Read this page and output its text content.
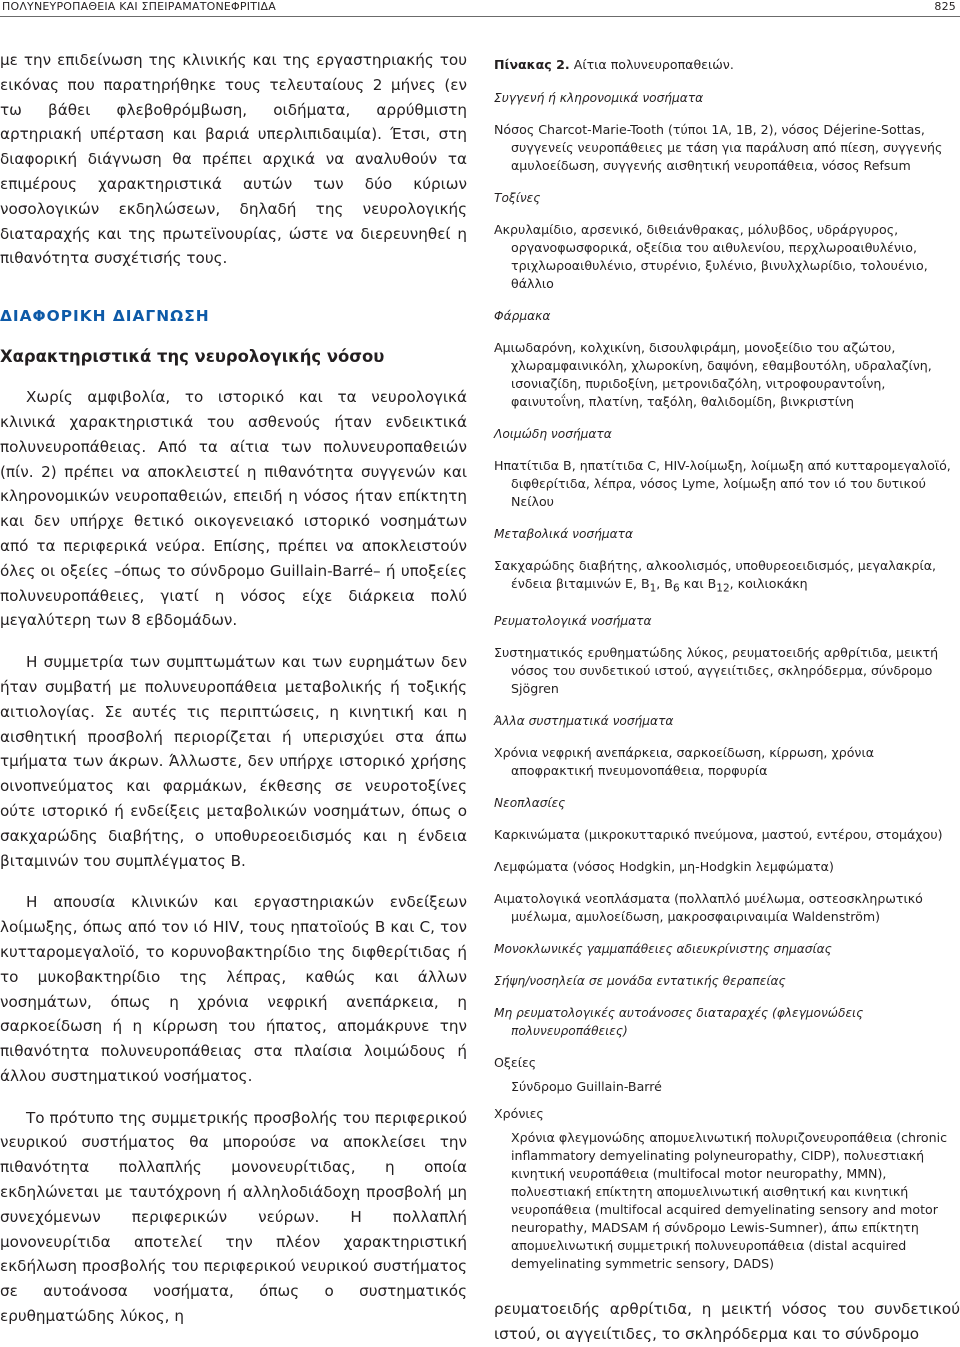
ΠΟΛΥΝΕΥΡΟΠΑΘΕΙΑ ΚΑΙ ΣΠΕΙΡΑΜΑΤΟΝΕΦΡΙΤΙΔΑ	825

με την επιδείνωση της κλινικής και της εργαστηριακής του εικόνας που παρατηρήθηκε τους τελευταίους 2 μήνες (εν τω βάθει φλεβοθρόμβωση, οιδήματα, αρρύθμιστη αρτηριακή υπέρταση και βαριά υπερλιπιδαιμία). Έτσι, στη διαφορική διάγνωση θα πρέπει αρχικά να αναλυθούν τα επιμέρους χαρακτηριστικά αυτών των δύο κύριων νοσολογικών εκδηλώσεων, δηλαδή της νευρολογικής διαταραχής και της πρωτεϊνουρίας, ώστε να διερευνηθεί η πιθανότητα συσχέτισής τους.

ΔΙΑΦΟΡΙΚΗ ΔΙΑΓΝΩΣΗ
Χαρακτηριστικά της νευρολογικής νόσου

Χωρίς αμφιβολία, το ιστορικό και τα νευρολογικά κλινικά χαρακτηριστικά του ασθενούς ήταν ενδεικτικά πολυνευροπάθειας. Από τα αίτια των πολυνευροπαθειών (πίν. 2) πρέπει να αποκλειστεί η πιθανότητα συγγενών και κληρονομικών νευροπαθειών, επειδή η νόσος ήταν επίκτητη και δεν υπήρχε θετικό οικογενειακό ιστορικό νοσημάτων από τα περιφερικά νεύρα. Επίσης, πρέπει να αποκλειστούν όλες οι οξείες –όπως το σύνδρομο Guillain-Barré– ή υποξείες πολυνευροπάθειες, γιατί η νόσος είχε διάρκεια πολύ μεγαλύτερη των 8 εβδομάδων.

Η συμμετρία των συμπτωμάτων και των ευρημάτων δεν ήταν συμβατή με πολυνευροπάθεια μεταβολικής ή τοξικής αιτιολογίας. Σε αυτές τις περιπτώσεις, η κινητική και η αισθητική προσβολή περιορίζεται ή υπερισχύει στα άπω τμήματα των άκρων. Άλλωστε, δεν υπήρχε ιστορικό χρήσης οινοπνεύματος και φαρμάκων, έκθεσης σε νευροτοξίνες ούτε ιστορικό ή ενδείξεις μεταβολικών νοσημάτων, όπως ο σακχαρώδης διαβήτης, ο υποθυρεοειδισμός και η ένδεια βιταμινών του συμπλέγματος Β.

Η απουσία κλινικών και εργαστηριακών ενδείξεων λοίμωξης, όπως από τον ιό HIV, τους ηπατοϊούς Β και C, τον κυτταρομεγαλοϊό, το κορυνοβακτηρίδιο της διφθερίτιδας ή το μυκοβακτηρίδιο της λέπρας, καθώς και άλλων νοσημάτων, όπως η χρόνια νεφρική ανεπάρκεια, η σαρκοείδωση ή η κίρρωση του ήπατος, απομάκρυνε την πιθανότητα πολυνευροπάθειας στα πλαίσια λοιμώδους ή άλλου συστηματικού νοσήματος.

Το πρότυπο της συμμετρικής προσβολής του περιφερικού νευρικού συστήματος θα μπορούσε να αποκλείσει την πιθανότητα πολλαπλής μονονευρίτιδας, η οποία εκδηλώνεται με ταυτόχρονη ή αλληλοδιάδοχη προσβολή μη συνεχόμενων περιφερικών νεύρων. Η πολλαπλή μονονευρίτιδα αποτελεί την πλέον χαρακτηριστική εκδήλωση προσβολής του περιφερικού νευρικού συστήματος σε αυτοάνοσα νοσήματα, όπως ο συστηματικός ερυθηματώδης λύκος, η

Πίνακας 2. Αίτια πολυνευροπαθειών.

Συγγενή ή κληρονομικά νοσήματα

Νόσος Charcot-Marie-Tooth (τύποι 1A, 1B, 2), νόσος Déjerine-Sottas, συγγενείς νευροπάθειες με τάση για παράλυση από πίεση, συγγενής αμυλοείδωση, συγγενής αισθητική νευροπάθεια, νόσος Refsum

Τοξίνες

Ακρυλαμίδιο, αρσενικό, διθειάνθρακας, μόλυβδος, υδράργυρος, οργανοφωσφορικά, οξείδια του αιθυλενίου, περχλωροαιθυλένιο, τριχλωροαιθυλένιο, στυρένιο, ξυλένιο, βινυλχλωρίδιο, τολουένιο, θάλλιο

Φάρμακα

Αμιωδαρόνη, κολχικίνη, δισουλφιράμη, μονοξείδιο του αζώτου, χλωραμφαινικόλη, χλωροκίνη, δαψόνη, εθαμβουτόλη, υδραλαζίνη, ισονιαζίδη, πυριδοξίνη, μετρονιδαζόλη, νιτροφουραντοΐνη, φαινυτοΐνη, πλατίνη, ταξόλη, θαλιδομίδη, βινκριστίνη

Λοιμώδη νοσήματα

Ηπατίτιδα Β, ηπατίτιδα C, HIV-λοίμωξη, λοίμωξη από κυτταρομεγαλοϊό, διφθερίτιδα, λέπρα, νόσος Lyme, λοίμωξη από τον ιό του δυτικού Νείλου

Μεταβολικά νοσήματα

Σακχαρώδης διαβήτης, αλκοολισμός, υποθυρεοειδισμός, μεγαλακρία, ένδεια βιταμινών Ε, $B_1$, $B_6$ και $B_{12}$, κοιλιοκάκη

Ρευματολογικά νοσήματα

Συστηματικός ερυθηματώδης λύκος, ρευματοειδής αρθρίτιδα, μεικτή νόσος του συνδετικού ιστού, αγγειίτιδες, σκληρόδερμα, σύνδρομο Sjögren

Άλλα συστηματικά νοσήματα

Χρόνια νεφρική ανεπάρκεια, σαρκοείδωση, κίρρωση, χρόνια αποφρακτική πνευμονοπάθεια, πορφυρία

Νεοπλασίες

Καρκινώματα (μικροκυτταρικό πνεύμονα, μαστού, εντέρου, στομάχου)

Λεμφώματα (νόσος Hodgkin, μη-Hodgkin λεμφώματα)

Αιματολογικά νεοπλάσματα (πολλαπλό μυέλωμα, οστεοσκληρωτικό μυέλωμα, αμυλοείδωση, μακροσφαιριναιμία Waldenström)

Μονοκλωνικές γαμμαπάθειες αδιευκρίνιστης σημασίας

Σήψη/νοσηλεία σε μονάδα εντατικής θεραπείας

Μη ρευματολογικές αυτοάνοσες διαταραχές (φλεγμονώδεις πολυνευροπάθειες)

Οξείες

Σύνδρομο Guillain-Barré

Χρόνιες

Χρόνια φλεγμονώδης απομυελινωτική πολυριζονευροπάθεια (chronic inflammatory demyelinating polyneuropathy, CIDP), πολυεστιακή κινητική νευροπάθεια (multifocal motor neuropathy, MMN), πολυεστιακή επίκτητη απομυελινωτική αισθητική και κινητική νευροπάθεια (multifocal acquired demyelinating sensory and motor neuropathy, MADSAM ή σύνδρομο Lewis-Sumner), άπω επίκτητη απομυελινωτική συμμετρική πολυνευροπάθεια (distal acquired demyelinating symmetric sensory, DADS)

ρευματοειδής αρθρίτιδα, η μεικτή νόσος του συνδετικού ιστού, οι αγγειίτιδες, το σκληρόδερμα και το σύνδρομο
